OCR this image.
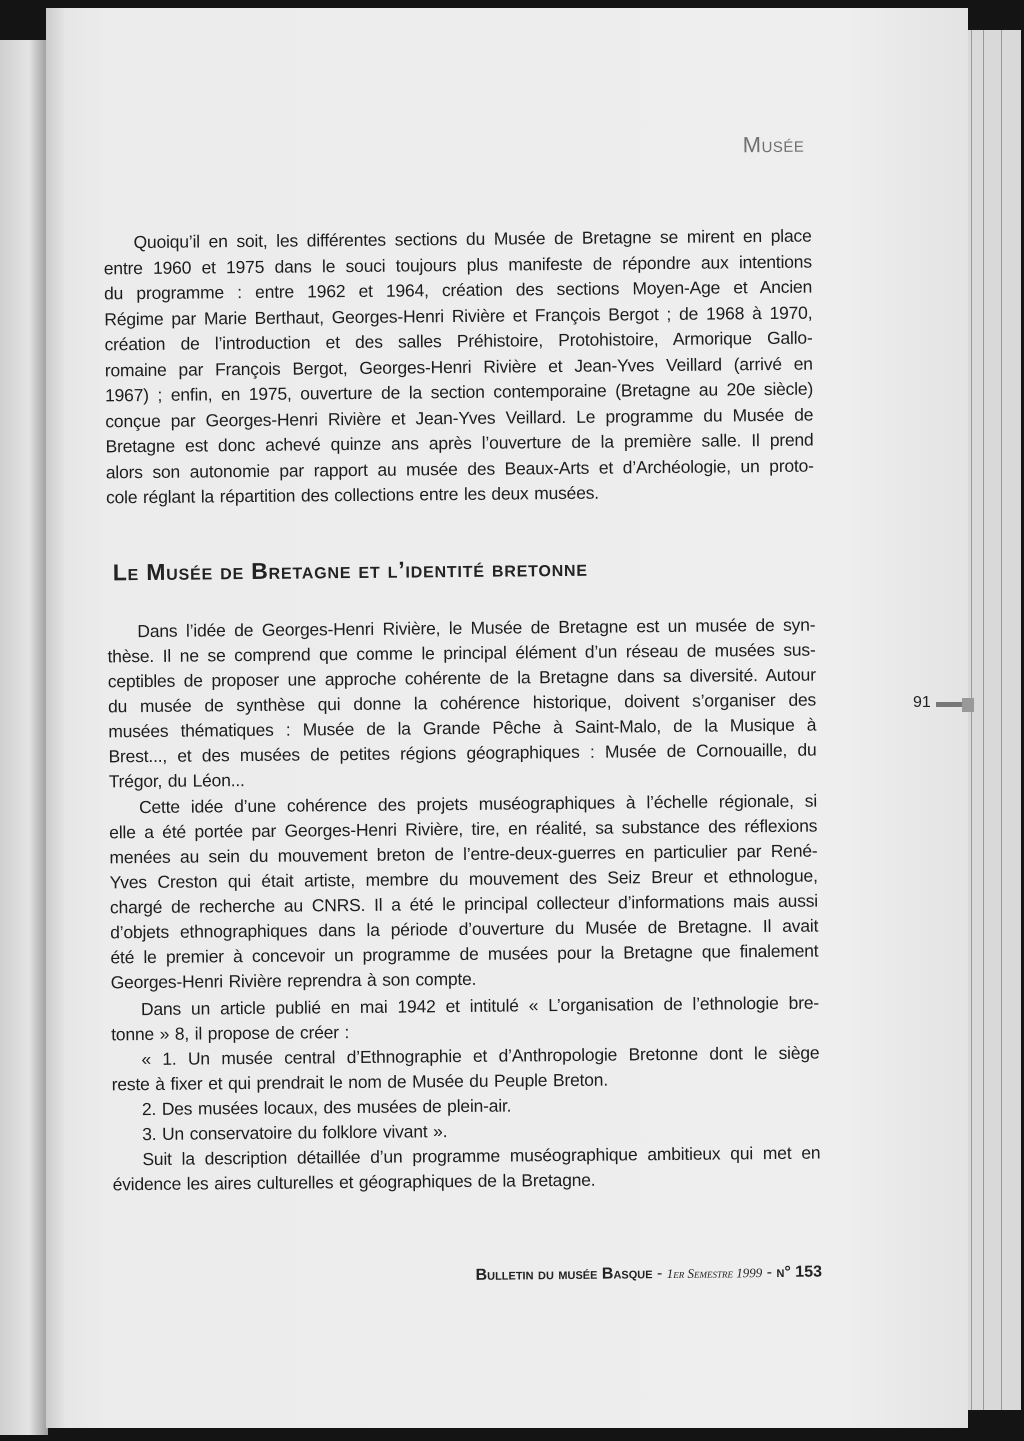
Musée
Quoiqu’il en soit, les différentes sections du Musée de Bretagne se mirent en place
entre 1960 et 1975 dans le souci toujours plus manifeste de répondre aux intentions
du programme : entre 1962 et 1964, création des sections Moyen-Age et Ancien
Régime par Marie Berthaut, Georges-Henri Rivière et François Bergot ; de 1968 à 1970,
création de l’introduction et des salles Préhistoire, Protohistoire, Armorique Gallo-
romaine par François Bergot, Georges-Henri Rivière et Jean-Yves Veillard (arrivé en
1967) ; enfin, en 1975, ouverture de la section contemporaine (Bretagne au 20e siècle)
conçue par Georges-Henri Rivière et Jean-Yves Veillard. Le programme du Musée de
Bretagne est donc achevé quinze ans après l’ouverture de la première salle. Il prend
alors son autonomie par rapport au musée des Beaux-Arts et d’Archéologie, un proto-
cole réglant la répartition des collections entre les deux musées.
Le Musée de Bretagne et l’identité bretonne
Dans l’idée de Georges-Henri Rivière, le Musée de Bretagne est un musée de syn-
thèse. Il ne se comprend que comme le principal élément d’un réseau de musées sus-
ceptibles de proposer une approche cohérente de la Bretagne dans sa diversité. Autour
du musée de synthèse qui donne la cohérence historique, doivent s’organiser des
musées thématiques : Musée de la Grande Pêche à Saint-Malo, de la Musique à
Brest..., et des musées de petites régions géographiques : Musée de Cornouaille, du
Trégor, du Léon...
Cette idée d’une cohérence des projets muséographiques à l’échelle régionale, si
elle a été portée par Georges-Henri Rivière, tire, en réalité, sa substance des réflexions
menées au sein du mouvement breton de l’entre-deux-guerres en particulier par René-
Yves Creston qui était artiste, membre du mouvement des Seiz Breur et ethnologue,
chargé de recherche au CNRS. Il a été le principal collecteur d’informations mais aussi
d’objets ethnographiques dans la période d’ouverture du Musée de Bretagne. Il avait
été le premier à concevoir un programme de musées pour la Bretagne que finalement
Georges-Henri Rivière reprendra à son compte.
Dans un article publié en mai 1942 et intitulé « L’organisation de l’ethnologie bre-
tonne » 8, il propose de créer :
« 1. Un musée central d’Ethnographie et d’Anthropologie Bretonne dont le siège
reste à fixer et qui prendrait le nom de Musée du Peuple Breton.
2. Des musées locaux, des musées de plein-air.
3. Un conservatoire du folklore vivant ».
Suit la description détaillée d’un programme muséographique ambitieux qui met en
évidence les aires culturelles et géographiques de la Bretagne.
Bulletin du musée Basque - 1er Semestre 1999 - n° 153
91
